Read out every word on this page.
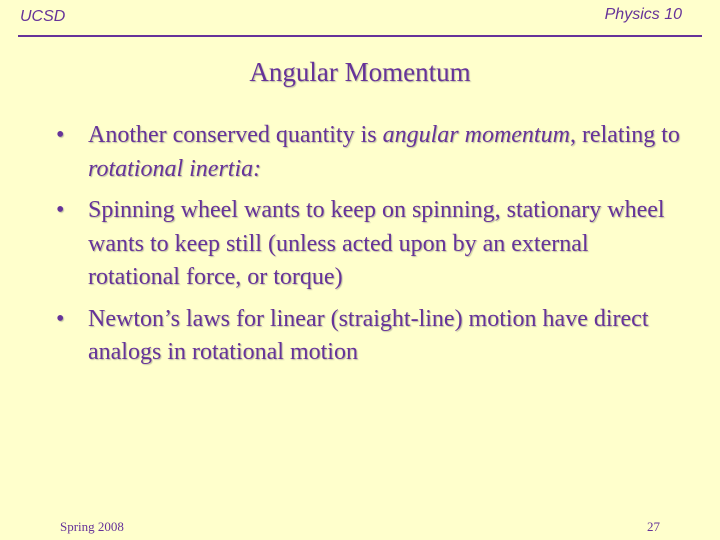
UCSD	Physics 10
Angular Momentum
• Another conserved quantity is angular momentum, relating to rotational inertia:
• Spinning wheel wants to keep on spinning, stationary wheel wants to keep still (unless acted upon by an external rotational force, or torque)
• Newton’s laws for linear (straight-line) motion have direct analogs in rotational motion
Spring 2008	27
